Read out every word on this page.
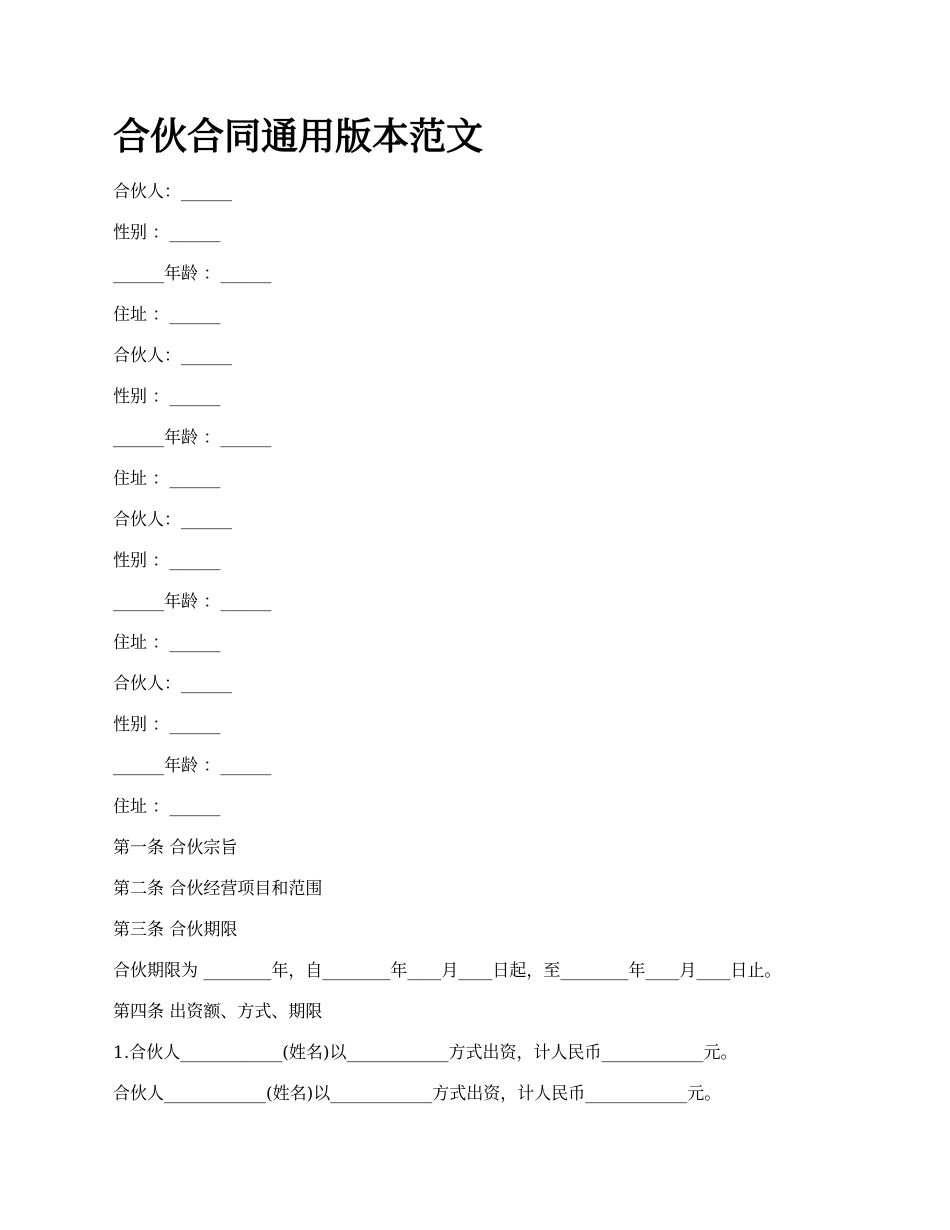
合伙合同通用版本范文
合伙人：______
性别 ：______
______年龄 ：______
住址 ：______
合伙人：______
性别 ：______
______年龄 ：______
住址 ：______
合伙人：______
性别 ：______
______年龄 ：______
住址 ：______
合伙人：______
性别 ：______
______年龄 ：______
住址 ：______
第一条 合伙宗旨
第二条 合伙经营项目和范围
第三条 合伙期限
合伙期限为 ________年，自________年____月____日起，至________年____月____日止。
第四条 出资额、方式、期限
1.合伙人____________(姓名)以____________方式出资，计人民币____________元。
合伙人____________(姓名)以____________方式出资，计人民币____________元。
